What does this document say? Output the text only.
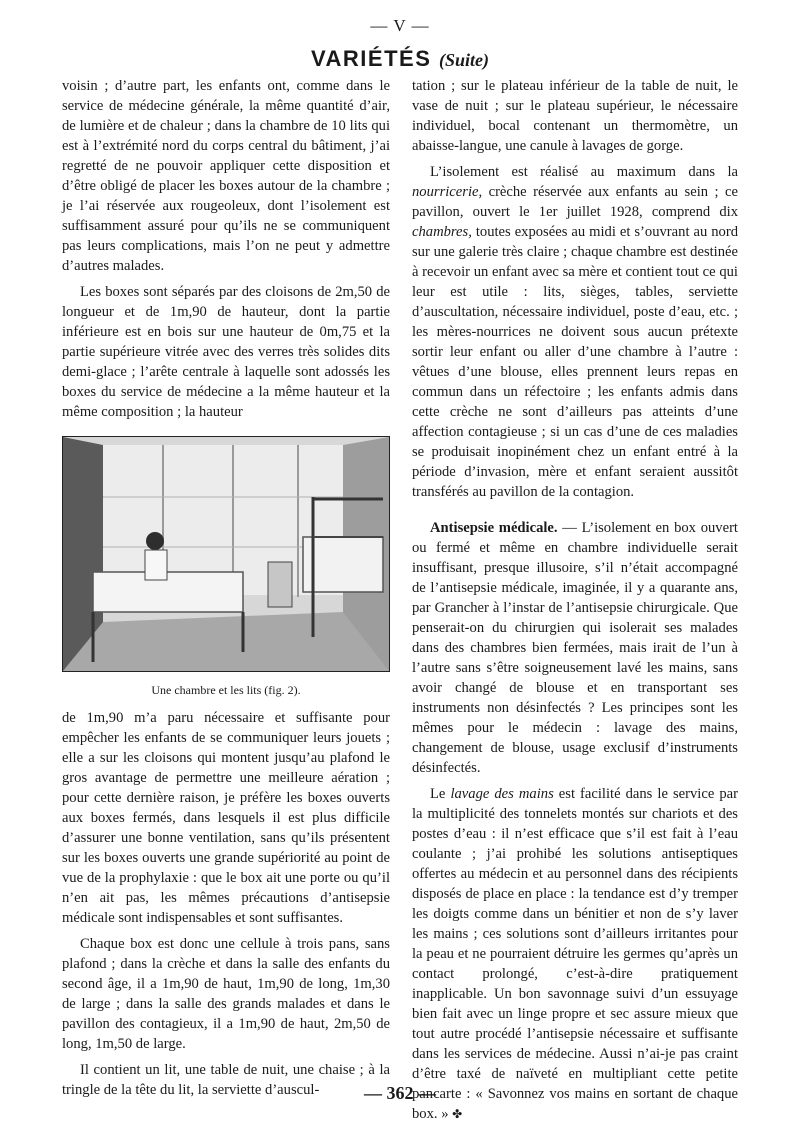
— V —
VARIÉTÉS (Suite)

voisin ; d’autre part, les enfants ont, comme dans le service de médecine générale, la même quantité d’air, de lumière et de chaleur ; dans la chambre de 10 lits qui est à l’extrémité nord du corps central du bâtiment, j’ai regretté de ne pouvoir appliquer cette disposition et d’être obligé de placer les boxes autour de la chambre ; je l’ai réservée aux rougeoleux, dont l’isolement est suffisamment assuré pour qu’ils ne se communiquent pas leurs complications, mais l’on ne peut y admettre d’autres malades.

Les boxes sont séparés par des cloisons de 2m,50 de longueur et de 1m,90 de hauteur, dont la partie inférieure est en bois sur une hauteur de 0m,75 et la partie supérieure vitrée avec des verres très solides dits demi-glace ; l’arête centrale à laquelle sont adossés les boxes du service de médecine a la même hauteur et la même composition ; la hauteur

Une chambre et les lits (fig. 2).

de 1m,90 m’a paru nécessaire et suffisante pour empêcher les enfants de se communiquer leurs jouets ; elle a sur les cloisons qui montent jusqu’au plafond le gros avantage de permettre une meilleure aération ; pour cette dernière raison, je préfère les boxes ouverts aux boxes fermés, dans lesquels il est plus difficile d’assurer une bonne ventilation, sans qu’ils présentent sur les boxes ouverts une grande supériorité au point de vue de la prophylaxie : que le box ait une porte ou qu’il n’en ait pas, les mêmes précautions d’antisepsie médicale sont indispensables et sont suffisantes.

Chaque box est donc une cellule à trois pans, sans plafond ; dans la crèche et dans la salle des enfants du second âge, il a 1m,90 de haut, 1m,90 de long, 1m,30 de large ; dans la salle des grands malades et dans le pavillon des contagieux, il a 1m,90 de haut, 2m,50 de long, 1m,50 de large.

Il contient un lit, une table de nuit, une chaise ; à la tringle de la tête du lit, la serviette d’auscul-

tation ; sur le plateau inférieur de la table de nuit, le vase de nuit ; sur le plateau supérieur, le nécessaire individuel, bocal contenant un thermomètre, un abaisse-langue, une canule à lavages de gorge.

L’isolement est réalisé au maximum dans la nourricerie, crèche réservée aux enfants au sein ; ce pavillon, ouvert le 1er juillet 1928, comprend dix chambres, toutes exposées au midi et s’ouvrant au nord sur une galerie très claire ; chaque chambre est destinée à recevoir un enfant avec sa mère et contient tout ce qui leur est utile : lits, sièges, tables, serviette d’auscultation, nécessaire individuel, poste d’eau, etc. ; les mères-nourrices ne doivent sous aucun prétexte sortir leur enfant ou aller d’une chambre à l’autre : vêtues d’une blouse, elles prennent leurs repas en commun dans un réfectoire ; les enfants admis dans cette crèche ne sont d’ailleurs pas atteints d’une affection contagieuse ; si un cas d’une de ces maladies se produisait inopinément chez un enfant entré à la période d’invasion, mère et enfant seraient aussitôt transférés au pavillon de la contagion.

Antisepsie médicale. — L’isolement en box ouvert ou fermé et même en chambre individuelle serait insuffisant, presque illusoire, s’il n’était accompagné de l’antisepsie médicale, imaginée, il y a quarante ans, par Grancher à l’instar de l’antisepsie chirurgicale. Que penserait-on du chirurgien qui isolerait ses malades dans des chambres bien fermées, mais irait de l’un à l’autre sans s’être soigneusement lavé les mains, sans avoir changé de blouse et en transportant ses instruments non désinfectés ? Les principes sont les mêmes pour le médecin : lavage des mains, changement de blouse, usage exclusif d’instruments désinfectés.

Le lavage des mains est facilité dans le service par la multiplicité des tonnelets montés sur chariots et des postes d’eau : il n’est efficace que s’il est fait à l’eau coulante ; j’ai prohibé les solutions antiseptiques offertes au médecin et au personnel dans des récipients disposés de place en place : la tendance est d’y tremper les doigts comme dans un bénitier et non de s’y laver les mains ; ces solutions sont d’ailleurs irritantes pour la peau et ne pourraient détruire les germes qu’après un contact prolongé, c’est-à-dire pratiquement inapplicable. Un bon savonnage suivi d’un essuyage bien fait avec un linge propre et sec assure mieux que tout autre procédé l’antisepsie nécessaire et suffisante dans les services de médecine. Aussi n’ai-je pas craint d’être taxé de naïveté en multipliant cette petite pancarte : « Savonnez vos mains en sortant de chaque box. » ✤

— 362 —
